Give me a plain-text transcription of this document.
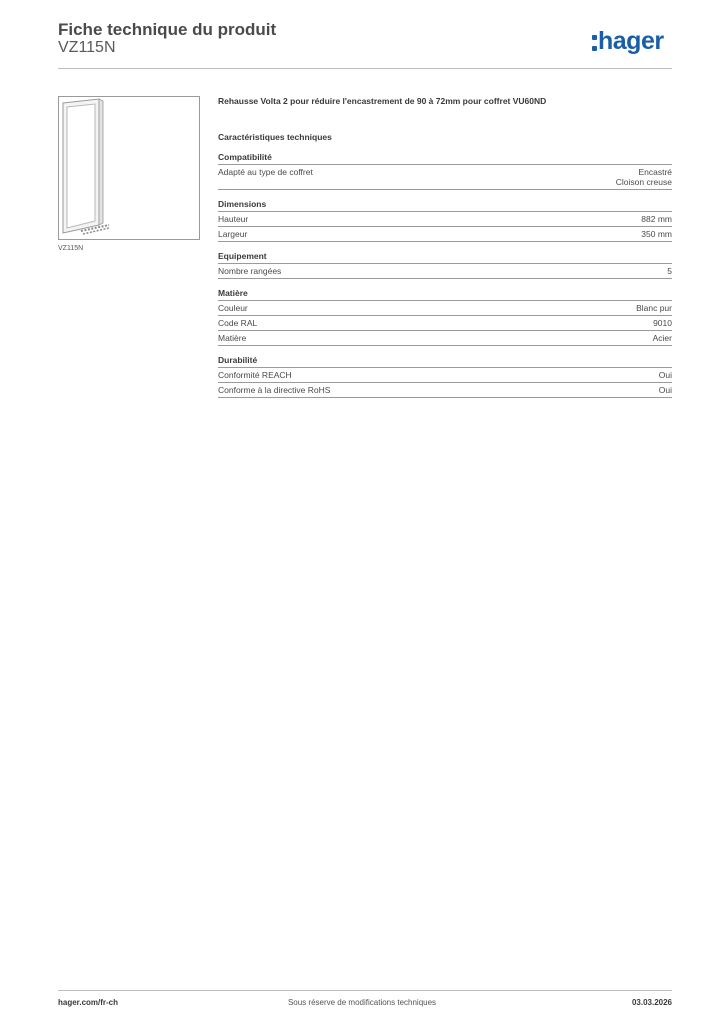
Fiche technique du produit
VZ115N	hager
VZ115N
Rehausse Volta 2 pour réduire l'encastrement de 90 à 72mm pour coffret VU60ND
Caractéristiques techniques
Compatibilité
Adapté au type de coffret	Encastré
Cloison creuse
Dimensions
Hauteur	882 mm
Largeur	350 mm
Equipement
Nombre rangées	5
Matière
Couleur	Blanc pur
Code RAL	9010
Matière	Acier
Durabilité
Conformité REACH	Oui
Conforme à la directive RoHS	Oui
hager.com/fr-ch	Sous réserve de modifications techniques	03.03.2026
